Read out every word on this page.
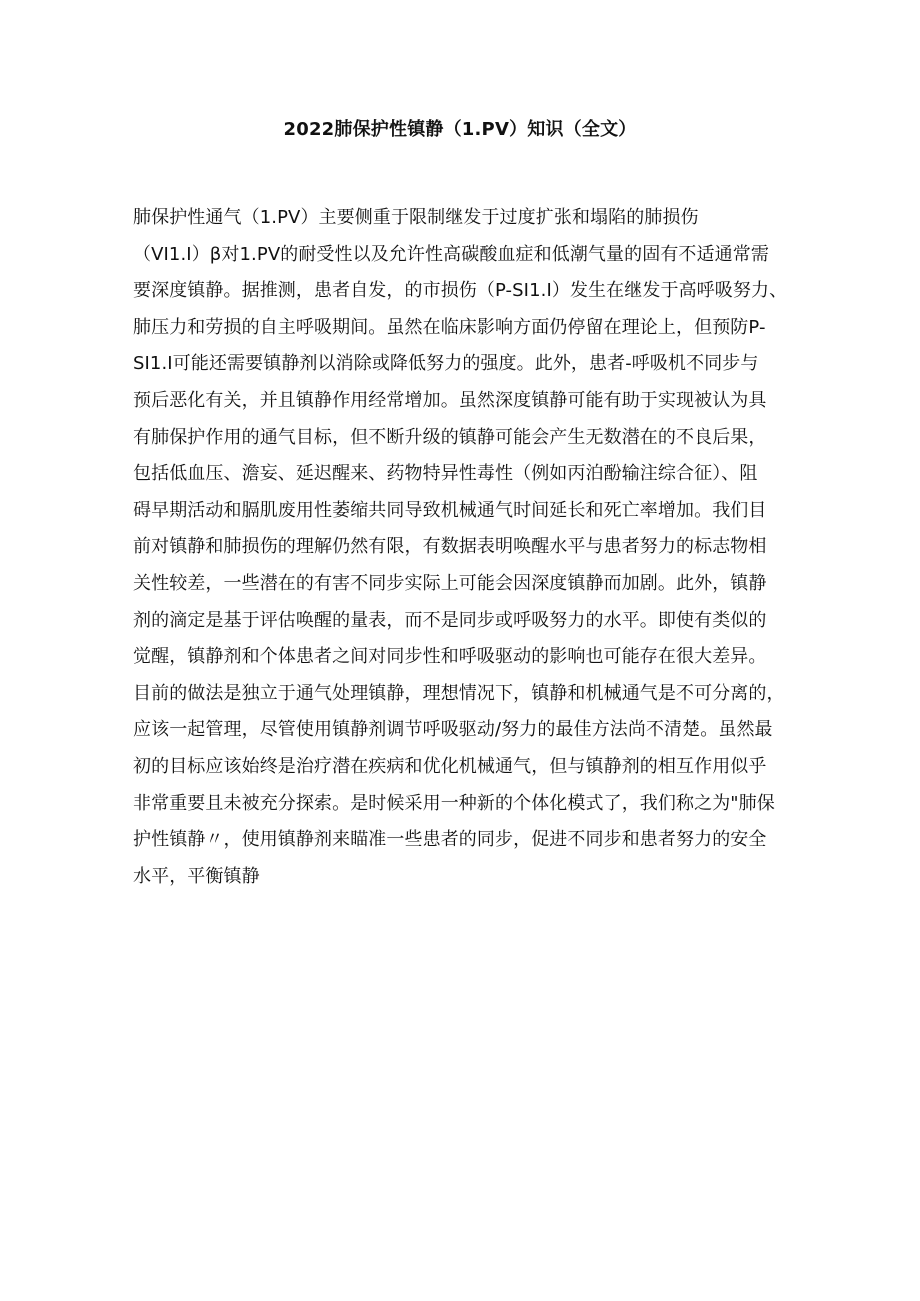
2022肺保护性镇静（1.PV）知识（全文）
肺保护性通气（1.PV）主要侧重于限制继发于过度扩张和塌陷的肺损伤
（VI1.I）β对1.PV的耐受性以及允许性高碳酸血症和低潮气量的固有不适通常需
要深度镇静。据推测，患者自发，的市损伤（P-SI1.I）发生在继发于高呼吸努力、
肺压力和劳损的自主呼吸期间。虽然在临床影响方面仍停留在理论上，但预防P-
SI1.I可能还需要镇静剂以消除或降低努力的强度。此外，患者-呼吸机不同步与
预后恶化有关，并且镇静作用经常增加。虽然深度镇静可能有助于实现被认为具
有肺保护作用的通气目标，但不断升级的镇静可能会产生无数潜在的不良后果，
包括低血压、澹妄、延迟醒来、药物特异性毒性（例如丙泊酚输注综合征）、阻
碍早期活动和膈肌废用性萎缩共同导致机械通气时间延长和死亡率增加。我们目
前对镇静和肺损伤的理解仍然有限，有数据表明唤醒水平与患者努力的标志物相
关性较差，一些潜在的有害不同步实际上可能会因深度镇静而加剧。此外，镇静
剂的滴定是基于评估唤醒的量表，而不是同步或呼吸努力的水平。即使有类似的
觉醒，镇静剂和个体患者之间对同步性和呼吸驱动的影响也可能存在很大差异。
目前的做法是独立于通气处理镇静，理想情况下，镇静和机械通气是不可分离的，
应该一起管理，尽管使用镇静剂调节呼吸驱动/努力的最佳方法尚不清楚。虽然最
初的目标应该始终是治疗潜在疾病和优化机械通气，但与镇静剂的相互作用似乎
非常重要且未被充分探索。是时候采用一种新的个体化模式了，我们称之为"肺保
护性镇静〃，使用镇静剂来瞄准一些患者的同步，促进不同步和患者努力的安全
水平，平衡镇静
